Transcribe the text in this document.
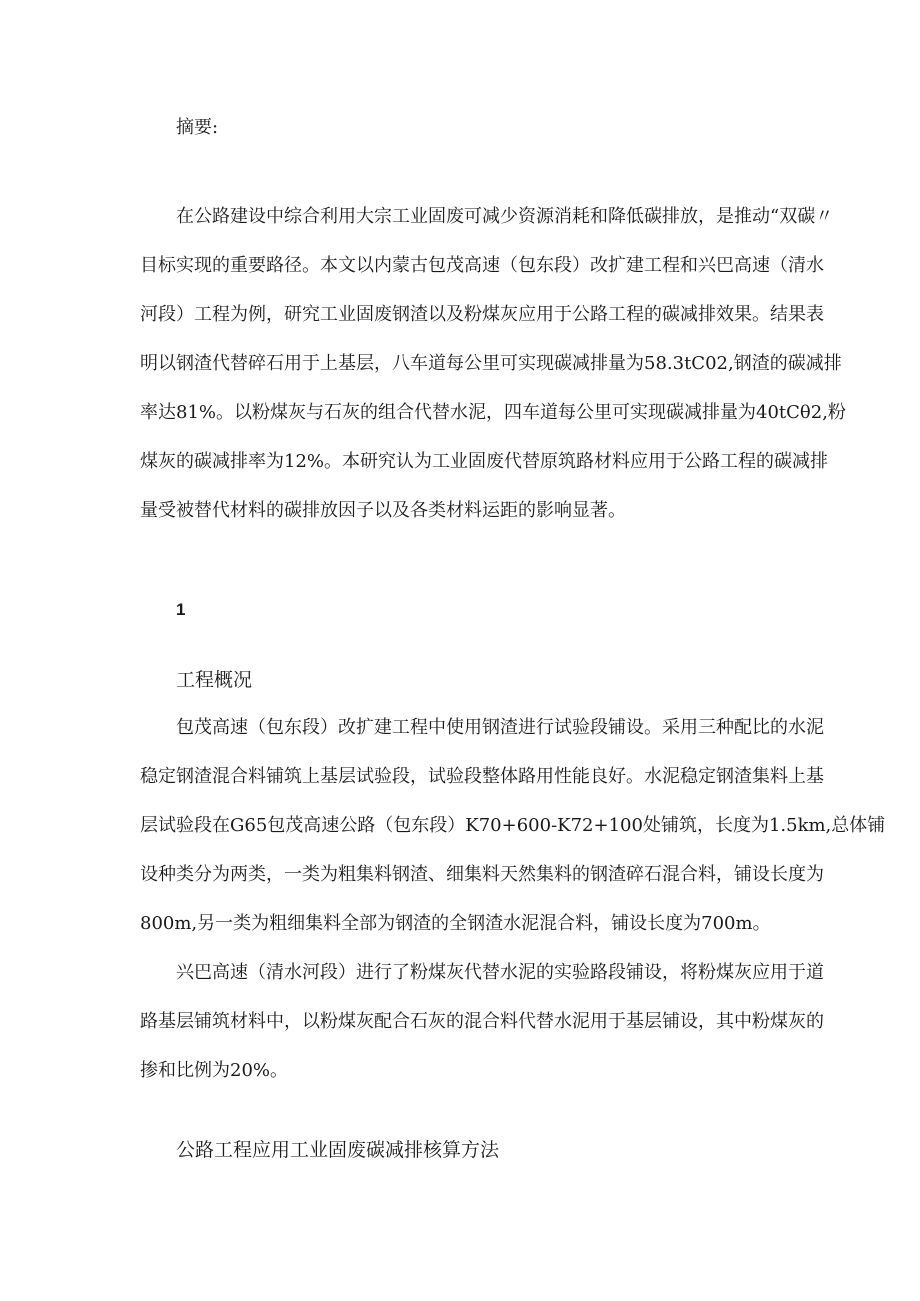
摘要:
在公路建设中综合利用大宗工业固废可减少资源消耗和降低碳排放，是推动“双碳〃
目标实现的重要路径。本文以内蒙古包茂高速（包东段）改扩建工程和兴巴高速（清水
河段）工程为例，研究工业固废钢渣以及粉煤灰应用于公路工程的碳减排效果。结果表
明以钢渣代替碎石用于上基层，八车道每公里可实现碳减排量为58.3tC02,钢渣的碳减排
率达81%。以粉煤灰与石灰的组合代替水泥，四车道每公里可实现碳减排量为40tCθ2,粉
煤灰的碳减排率为12%。本研究认为工业固废代替原筑路材料应用于公路工程的碳减排
量受被替代材料的碳排放因子以及各类材料运距的影响显著。
1
工程概况
包茂高速（包东段）改扩建工程中使用钢渣进行试验段铺设。采用三种配比的水泥
稳定钢渣混合料铺筑上基层试验段，试验段整体路用性能良好。水泥稳定钢渣集料上基
层试验段在G65包茂高速公路（包东段）K70+600-K72+100处铺筑，长度为1.5km,总体铺
设种类分为两类，一类为粗集料钢渣、细集料天然集料的钢渣碎石混合料，铺设长度为
800m,另一类为粗细集料全部为钢渣的全钢渣水泥混合料，铺设长度为700m。
兴巴高速（清水河段）进行了粉煤灰代替水泥的实验路段铺设，将粉煤灰应用于道
路基层铺筑材料中，以粉煤灰配合石灰的混合料代替水泥用于基层铺设，其中粉煤灰的
掺和比例为20%。
公路工程应用工业固废碳减排核算方法
